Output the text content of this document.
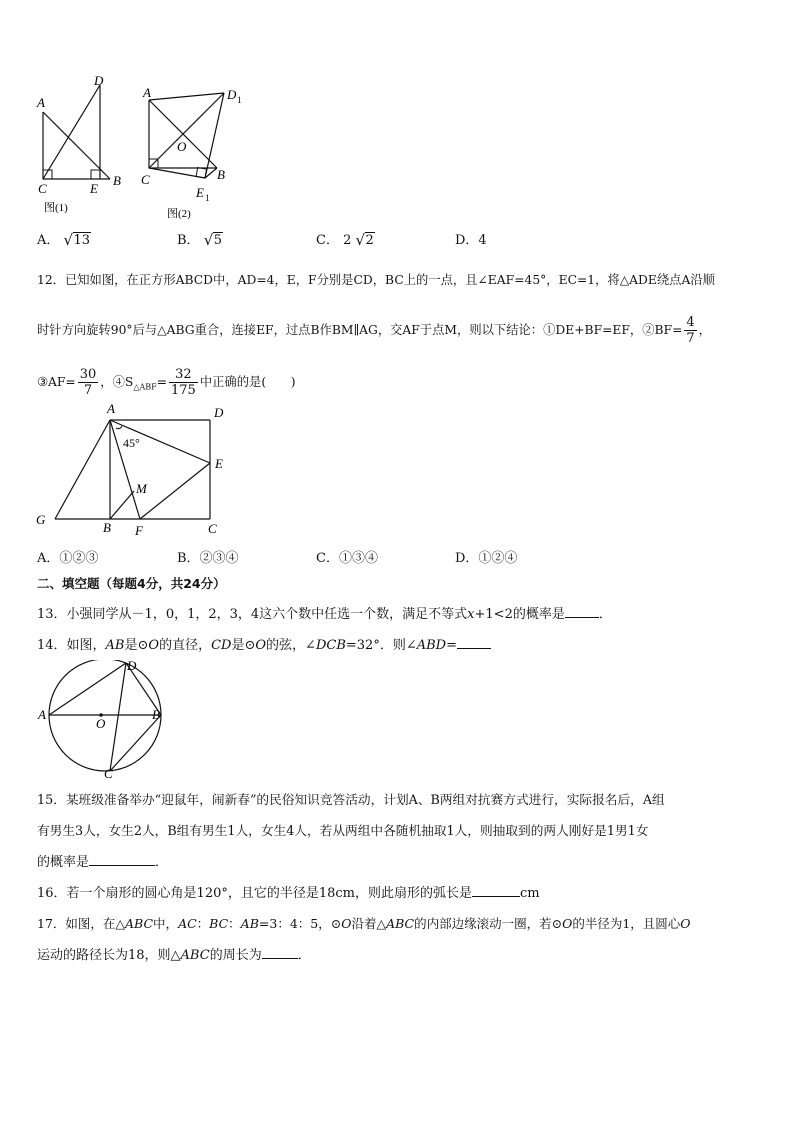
A
D
C	E
B
图(1)
A	D 1
O
C
E 1
B
图(2)
A． √ 13	B． √ 5	C． 2 √ 2	D．4
12．已知如图，在正方形ABCD中，AD=4，E，F分别是CD，BC上的一点，且∠EAF=45°，EC=1，将△ADE绕点A沿顺
时针方向旋转90°后与△ABG重合，连接EF，过点B作BM∥AG，交AF于点M，则以下结论：①DE+BF=EF，②BF= $\frac{4}{7}$ ，
③AF= $\frac{30}{7}$ ，$④S_{\triangle ABF}= \frac{32}{175}$ 中正确的是(　　)
A	D
E
45°
M
G
B F	C
A．①②③	B．②③④	C．①③④	D．①②④
二、填空题（每题4分，共24分）
13．小强同学从－1，0，1，2，3，4这六个数中任选一个数，满足不等式x+1<2的概率是	．
14．如图，AB是⊙O的直径，CD是⊙O的弦，∠DCB=32°．则∠ABD=
A
D
B
O
C
15．某班级准备举办“迎鼠年，闹新春”的民俗知识竞答活动，计划A、B两组对抗赛方式进行，实际报名后，A组
有男生3人，女生2人，B组有男生1人，女生4人，若从两组中各随机抽取1人，则抽取到的两人刚好是1男1女
的概率是	．
16．若一个扇形的圆心角是120°，且它的半径是18cm，则此扇形的弧长是	cm
17．如图，在△ABC中，AC：BC：AB=3：4：5，⊙O沿着△ABC的内部边缘滚动一圈，若⊙O的半径为1，且圆心O
运动的路径长为18，则△ABC的周长为	．
